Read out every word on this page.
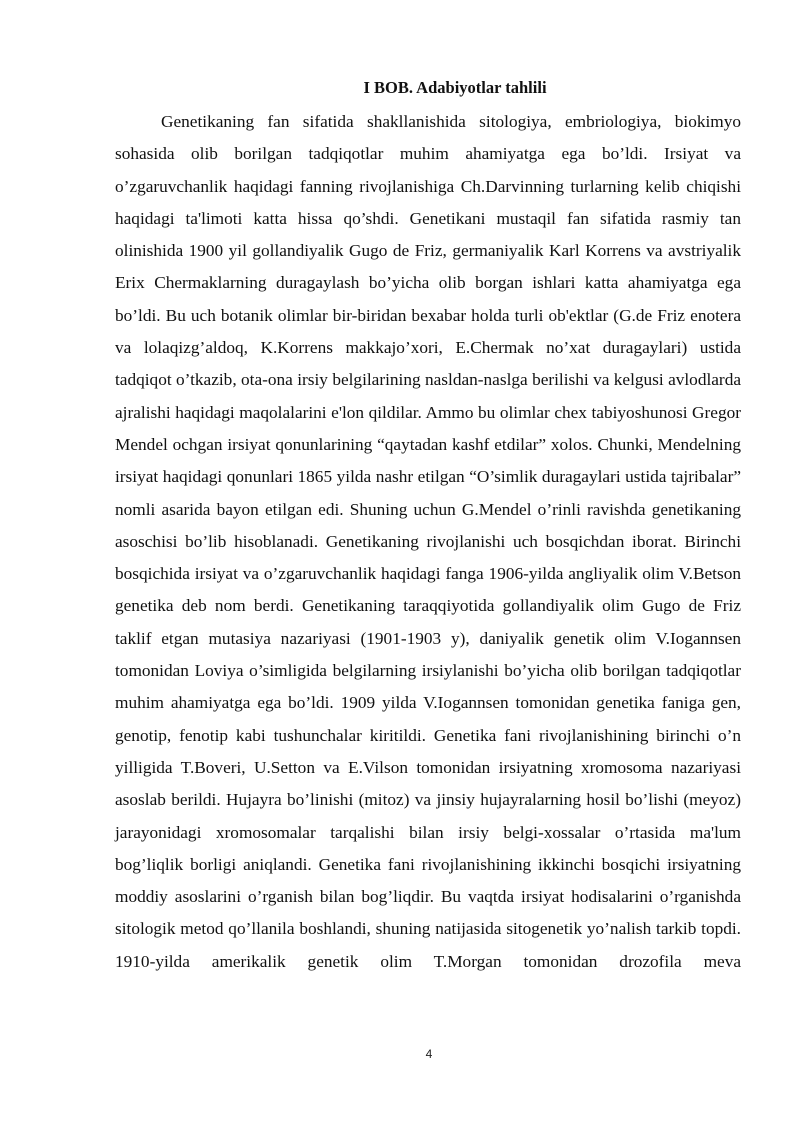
I BOB. Adabiyotlar tahlili

Genetikaning fan sifatida shakllanishida sitologiya, embriologiya, biokimyo sohasida olib borilgan tadqiqotlar muhim ahamiyatga ega bo’ldi. Irsiyat va o’zgaruvchanlik haqidagi fanning rivojlanishiga Ch.Darvinning turlarning kelib chiqishi haqidagi ta'limoti katta hissa qo’shdi. Genetikani mustaqil fan sifatida rasmiy tan olinishida 1900 yil gollandiyalik Gugo de Friz, germaniyalik Karl Korrens va avstriyalik Erix Chermaklarning duragaylash bo’yicha olib borgan ishlari katta ahamiyatga ega bo’ldi. Bu uch botanik olimlar bir-biridan bexabar holda turli ob'ektlar (G.de Friz enotera va lolaqizg’aldoq, K.Korrens makkajo’xori, E.Chermak no’xat duragaylari) ustida tadqiqot o’tkazib, ota-ona irsiy belgilarining nasldan-naslga berilishi va kelgusi avlodlarda ajralishi haqidagi maqolalarini e'lon qildilar. Ammo bu olimlar chex tabiyoshunosi Gregor Mendel ochgan irsiyat qonunlarining “qaytadan kashf etdilar” xolos. Chunki, Mendelning irsiyat haqidagi qonunlari 1865 yilda nashr etilgan “O’simlik duragaylari ustida tajribalar” nomli asarida bayon etilgan edi. Shuning uchun G.Mendel o’rinli ravishda genetikaning asoschisi bo’lib hisoblanadi. Genetikaning rivojlanishi uch bosqichdan iborat. Birinchi bosqichida irsiyat va o’zgaruvchanlik haqidagi fanga 1906-yilda angliyalik olim V.Betson genetika deb nom berdi. Genetikaning taraqqiyotida gollandiyalik olim Gugo de Friz taklif etgan mutasiya nazariyasi (1901-1903 y), daniyalik genetik olim V.Iogannsen tomonidan Loviya o’simligida belgilarning irsiylanishi bo’yicha olib borilgan tadqiqotlar muhim ahamiyatga ega bo’ldi. 1909 yilda V.Iogannsen tomonidan genetika faniga gen, genotip, fenotip kabi tushunchalar kiritildi. Genetika fani rivojlanishining birinchi o’n yilligida T.Boveri, U.Setton va E.Vilson tomonidan irsiyatning xromosoma nazariyasi asoslab berildi. Hujayra bo’linishi (mitoz) va jinsiy hujayralarning hosil bo’lishi (meyoz) jarayonidagi xromosomalar tarqalishi bilan irsiy belgi-xossalar o’rtasida ma'lum bog’liqlik borligi aniqlandi. Genetika fani rivojlanishining ikkinchi bosqichi irsiyatning moddiy asoslarini o’rganish bilan bog’liqdir. Bu vaqtda irsiyat hodisalarini o’rganishda sitologik metod qo’llanila boshlandi, shuning natijasida sitogenetik yo’nalish tarkib topdi. 1910-yilda amerikalik genetik olim T.Morgan tomonidan drozofila meva

4
